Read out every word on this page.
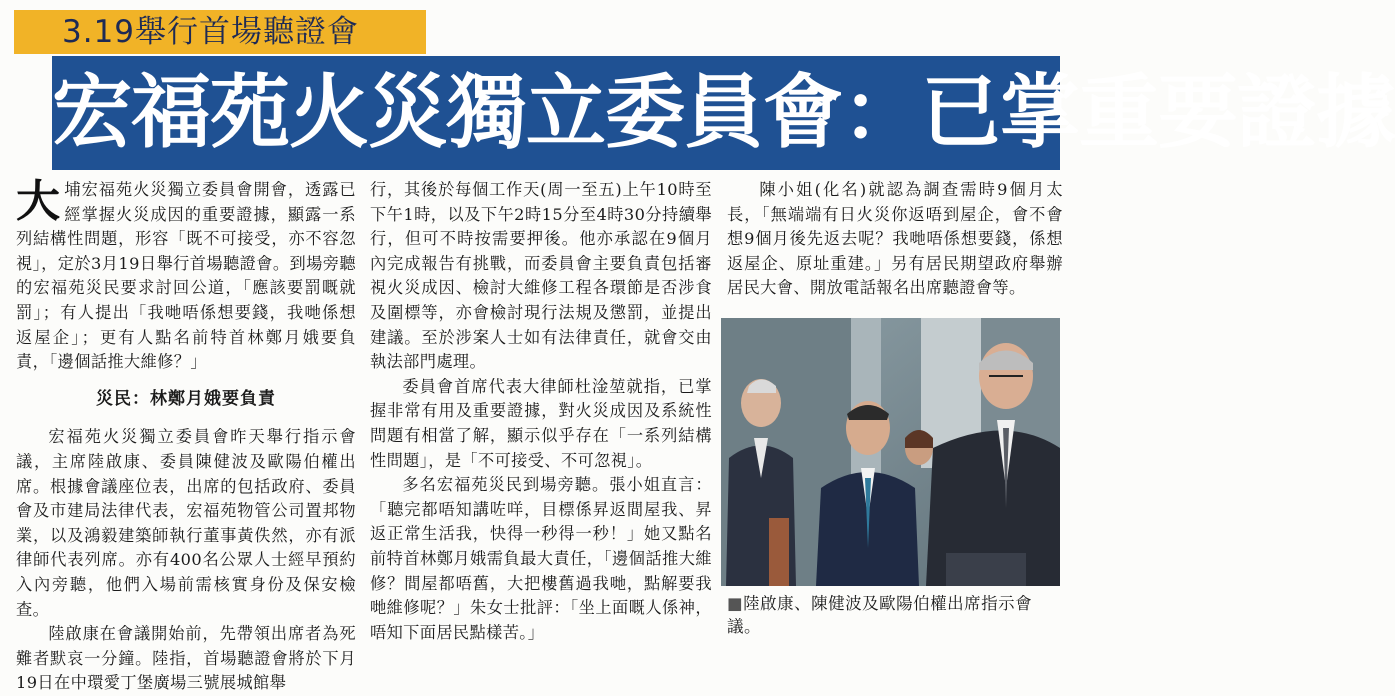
3.19舉行首場聽證會
宏福苑火災獨立委員會：已掌重要證據

大埔宏福苑火災獨立委員會開會，透露已經掌握火災成因的重要證據，顯露一系列結構性問題，形容「既不可接受，亦不容忽視」，定於3月19日舉行首場聽證會。到場旁聽的宏福苑災民要求討回公道，「應該要罰嘅就罰」；有人提出「我哋唔係想要錢，我哋係想返屋企」；更有人點名前特首林鄭月娥要負責，「邊個話推大維修？」

災民：林鄭月娥要負責

宏福苑火災獨立委員會昨天舉行指示會議，主席陸啟康、委員陳健波及歐陽伯權出席。根據會議座位表，出席的包括政府、委員會及市建局法律代表，宏福苑物管公司置邦物業，以及鴻毅建築師執行董事黃佚然，亦有派律師代表列席。亦有400名公眾人士經早預約入內旁聽，他們入場前需核實身份及保安檢查。

陸啟康在會議開始前，先帶領出席者為死難者默哀一分鐘。陸指，首場聽證會將於下月19日在中環愛丁堡廣場三號展城館舉

行，其後於每個工作天(周一至五)上午10時至下午1時，以及下午2時15分至4時30分持續舉行，但可不時按需要押後。他亦承認在9個月內完成報告有挑戰，而委員會主要負責包括審視火災成因、檢討大維修工程各環節是否涉食及圍標等，亦會檢討現行法規及懲罰，並提出建議。至於涉案人士如有法律責任，就會交由執法部門處理。

委員會首席代表大律師杜淦堃就指，已掌握非常有用及重要證據，對火災成因及系統性問題有相當了解，顯示似乎存在「一系列結構性問題」，是「不可接受、不可忽視」。

多名宏福苑災民到場旁聽。張小姐直言：「聽完都唔知講咗咩，目標係昇返間屋我、昇返正常生活我，快得一秒得一秒！」她又點名前特首林鄭月娥需負最大責任，「邊個話推大維修？間屋都唔舊，大把樓舊過我哋，點解要我哋維修呢？」朱女士批評：「坐上面嘅人係神，唔知下面居民點樣苦。」

陳小姐(化名)就認為調查需時9個月太長，「無端端有日火災你返唔到屋企，會不會想9個月後先返去呢？我哋唔係想要錢，係想返屋企、原址重建。」另有居民期望政府舉辦居民大會、開放電話報名出席聽證會等。

■陸啟康、陳健波及歐陽伯權出席指示會議。
